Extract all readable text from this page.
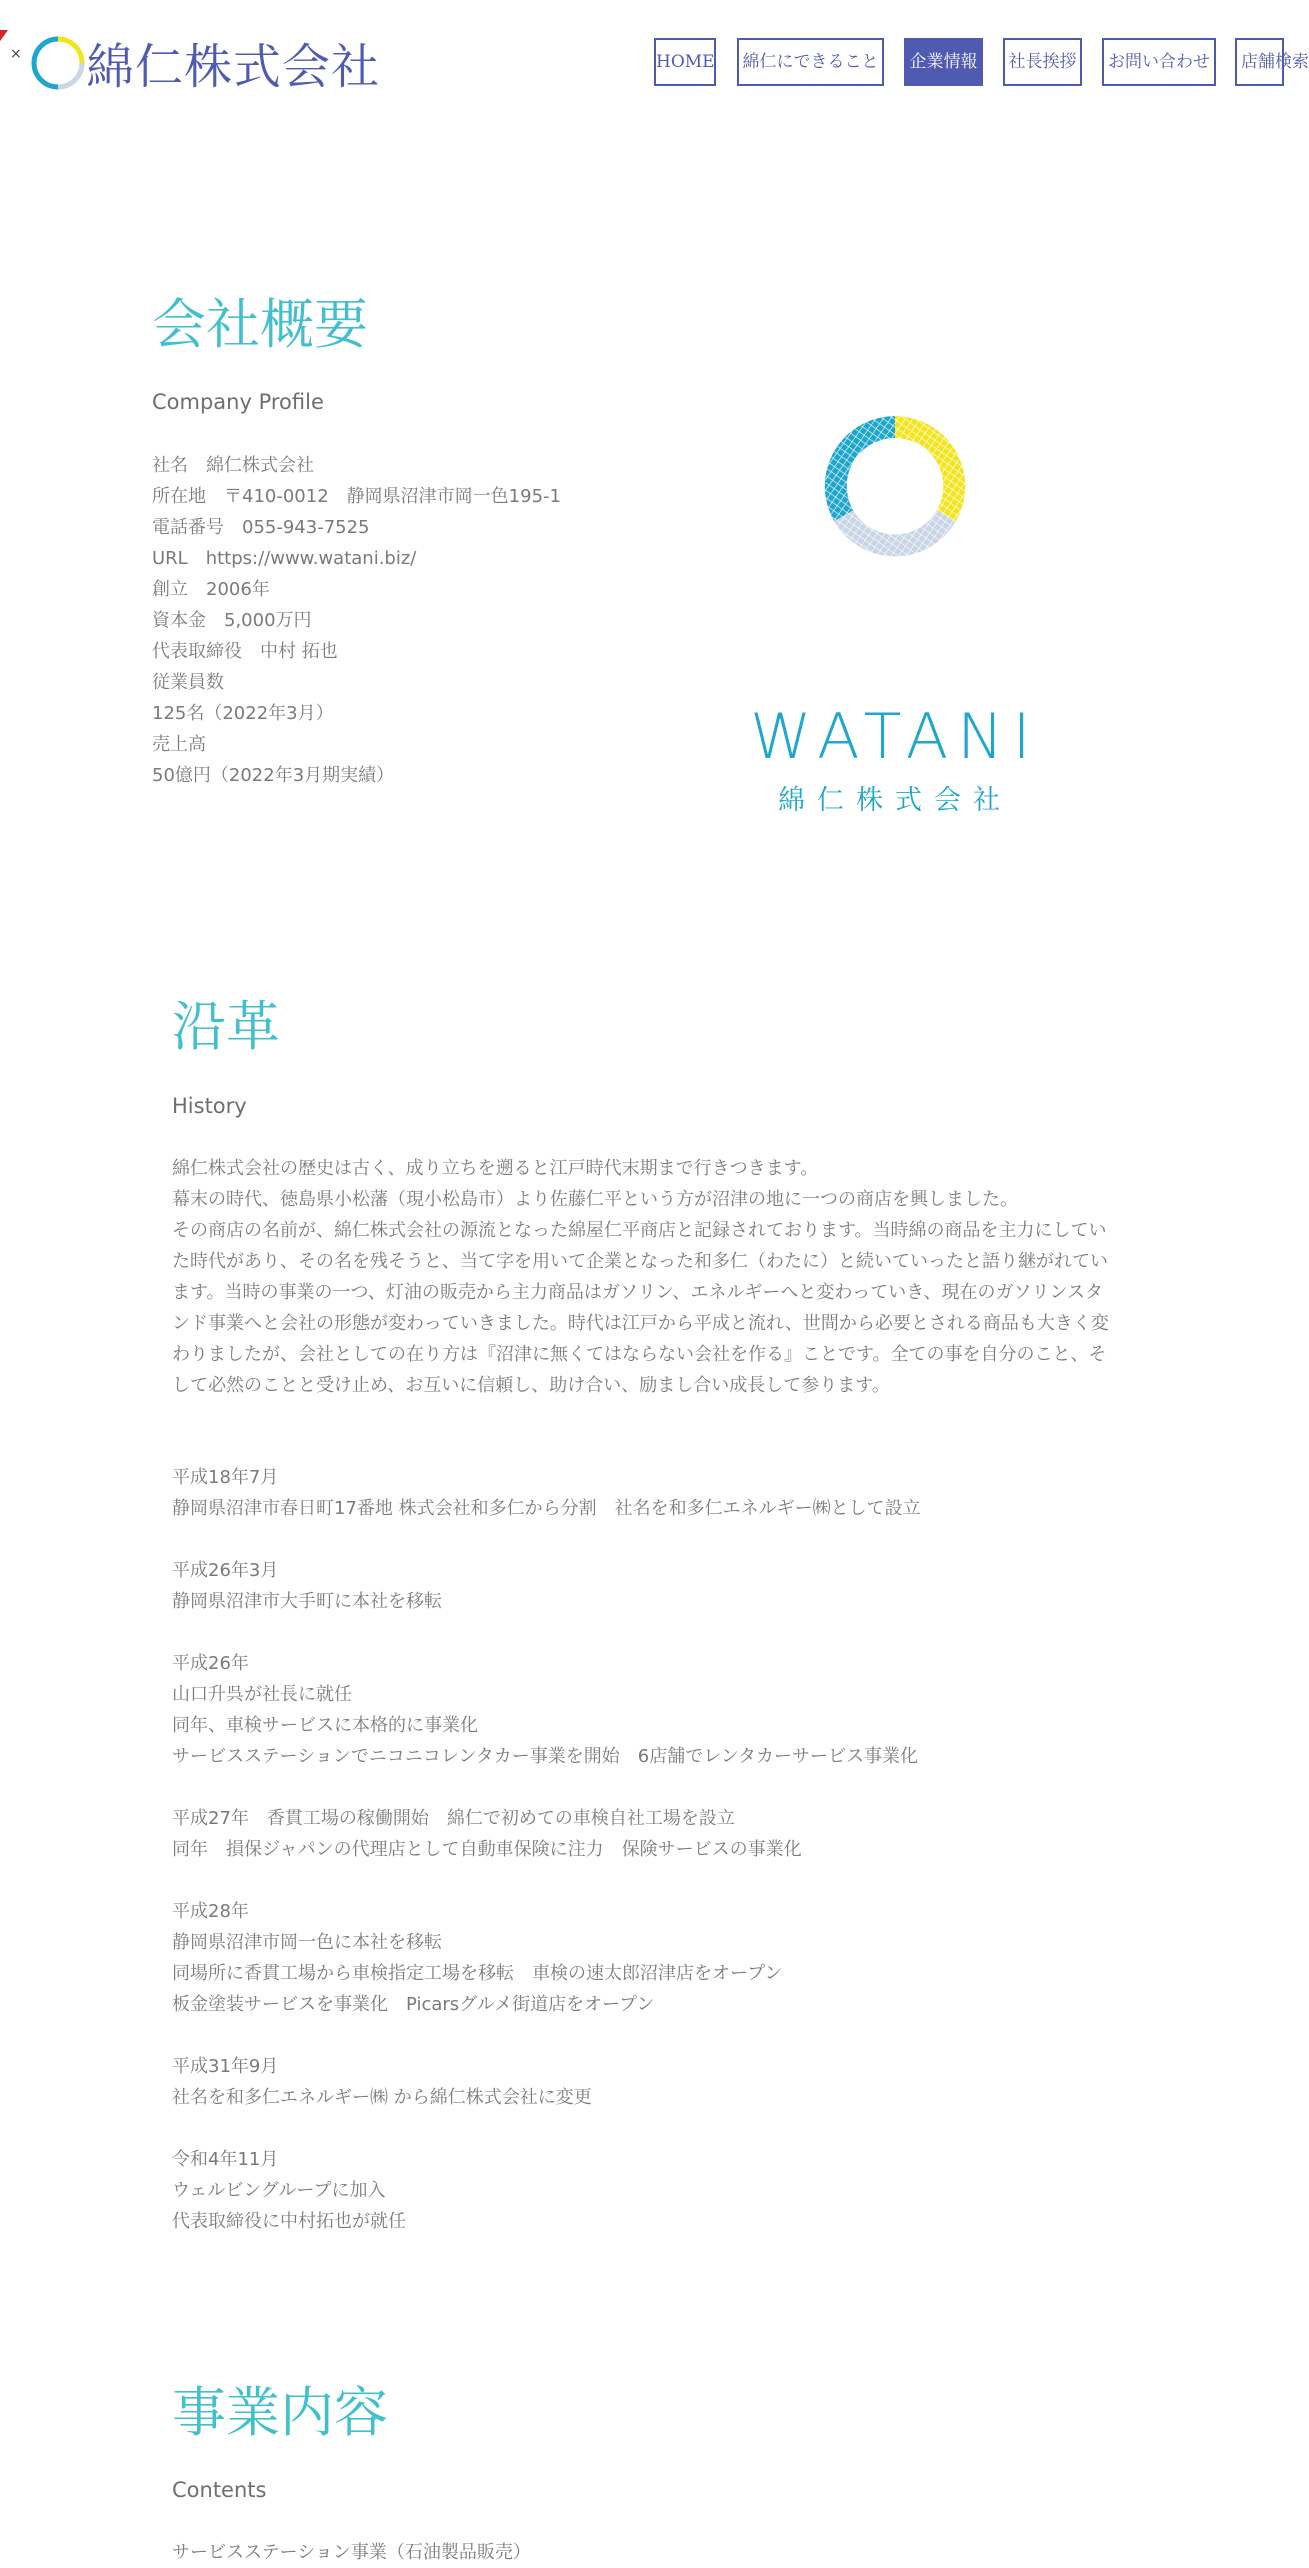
× 綿仁株式会社	HOME	綿仁にできること	企業情報	社長挨拶	お問い合わせ	店舗検索
会社概要
Company Profile
社名　綿仁株式会社
所在地　〒410-0012　静岡県沼津市岡一色195-1
電話番号　055-943-7525
URL　https://www.watani.biz/
創立　2006年
資本金　5,000万円
代表取締役　中村 拓也
従業員数
125名（2022年3月）
売上高
50億円（2022年3月期実績）
WATANI
綿仁株式会社
沿革
History
綿仁株式会社の歴史は古く、成り立ちを遡ると江戸時代末期まで行きつきます。
幕末の時代、徳島県小松藩（現小松島市）より佐藤仁平という方が沼津の地に一つの商店を興しました。
その商店の名前が、綿仁株式会社の源流となった綿屋仁平商店と記録されております。当時綿の商品を主力にしていた時代があり、その名を残そうと、当て字を用いて企業となった和多仁（わたに）と続いていったと語り継がれています。当時の事業の一つ、灯油の販売から主力商品はガソリン、エネルギーへと変わっていき、現在のガソリンスタンド事業へと会社の形態が変わっていきました。時代は江戸から平成と流れ、世間から必要とされる商品も大きく変わりましたが、会社としての在り方は『沼津に無くてはならない会社を作る』ことです。全ての事を自分のこと、そして必然のことと受け止め、お互いに信頼し、助け合い、励まし合い成長して参ります。
平成18年7月
静岡県沼津市春日町17番地 株式会社和多仁から分割　社名を和多仁エネルギー㈱として設立
平成26年3月
静岡県沼津市大手町に本社を移転
平成26年
山口升呉が社長に就任
同年、車検サービスに本格的に事業化
サービスステーションでニコニコレンタカー事業を開始　6店舗でレンタカーサービス事業化
平成27年　香貫工場の稼働開始　綿仁で初めての車検自社工場を設立
同年　損保ジャパンの代理店として自動車保険に注力　保険サービスの事業化
平成28年
静岡県沼津市岡一色に本社を移転
同場所に香貫工場から車検指定工場を移転　車検の速太郎沼津店をオープン
板金塗装サービスを事業化　Picarsグルメ街道店をオープン
平成31年9月
社名を和多仁エネルギー㈱ から綿仁株式会社に変更
令和4年11月
ウェルビングループに加入
代表取締役に中村拓也が就任
事業内容
Contents
サービスステーション事業（石油製品販売）
